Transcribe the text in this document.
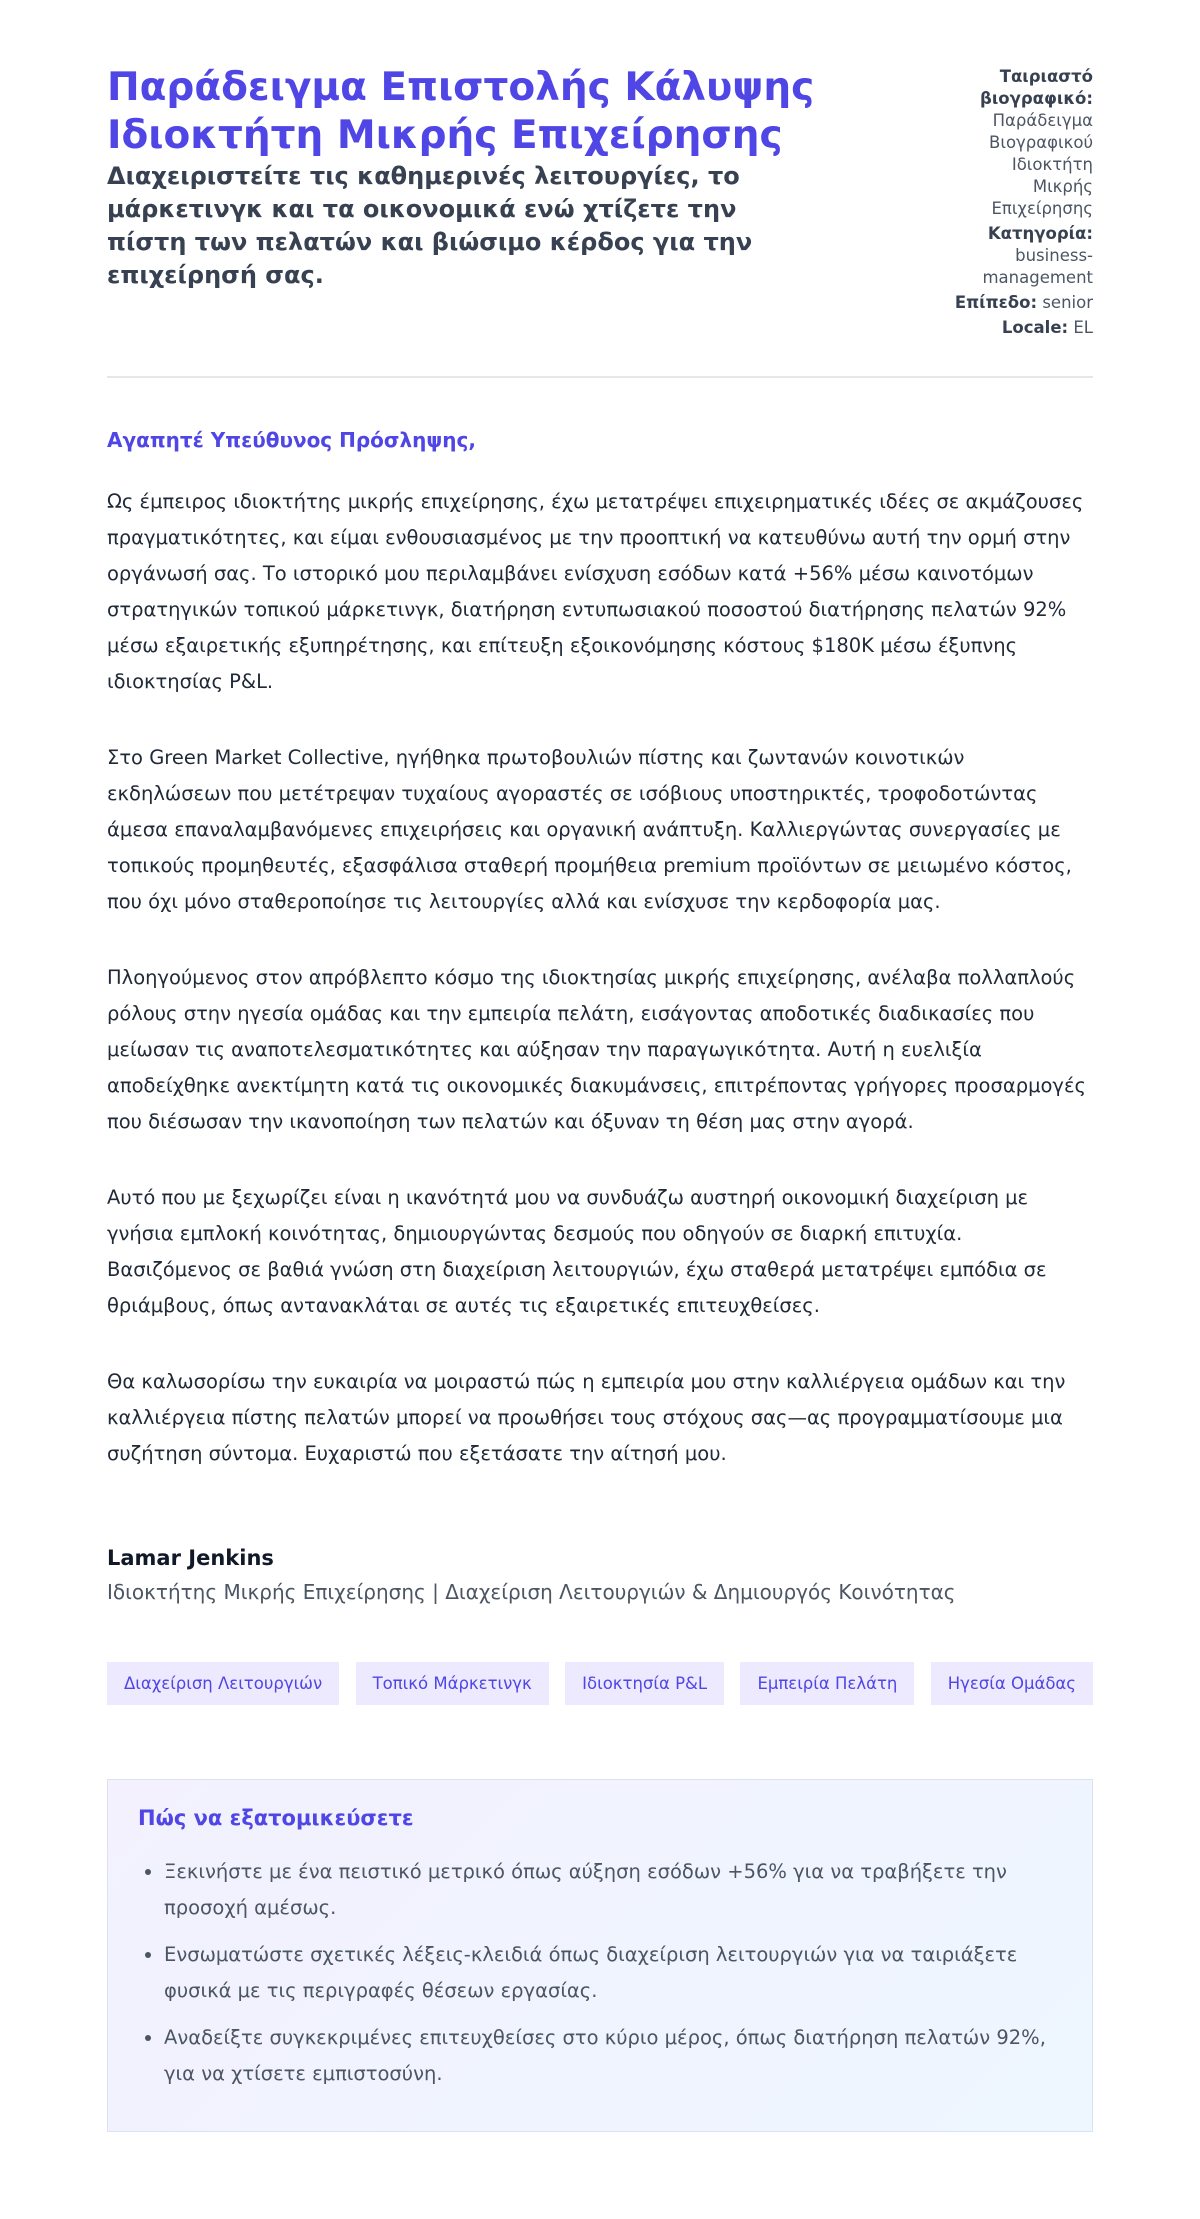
Παράδειγμα Επιστολής Κάλυψης Ιδιοκτήτη Μικρής Επιχείρησης

Διαχειριστείτε τις καθημερινές λειτουργίες, το μάρκετινγκ και τα οικονομικά ενώ χτίζετε την πίστη των πελατών και βιώσιμο κέρδος για την επιχείρησή σας.

Ταιριαστό βιογραφικό:
Παράδειγμα Βιογραφικού Ιδιοκτήτη Μικρής Επιχείρησης
Κατηγορία: business-management
Επίπεδο: senior
Locale: EL
Αγαπητέ Υπεύθυνος Πρόσληψης,

Ως έμπειρος ιδιοκτήτης μικρής επιχείρησης, έχω μετατρέψει επιχειρηματικές ιδέες σε ακμάζουσες πραγματικότητες, και είμαι ενθουσιασμένος με την προοπτική να κατευθύνω αυτή την ορμή στην οργάνωσή σας. Το ιστορικό μου περιλαμβάνει ενίσχυση εσόδων κατά +56% μέσω καινοτόμων στρατηγικών τοπικού μάρκετινγκ, διατήρηση εντυπωσιακού ποσοστού διατήρησης πελατών 92% μέσω εξαιρετικής εξυπηρέτησης, και επίτευξη εξοικονόμησης κόστους $180K μέσω έξυπνης ιδιοκτησίας P&L.

Στο Green Market Collective, ηγήθηκα πρωτοβουλιών πίστης και ζωντανών κοινοτικών εκδηλώσεων που μετέτρεψαν τυχαίους αγοραστές σε ισόβιους υποστηρικτές, τροφοδοτώντας άμεσα επαναλαμβανόμενες επιχειρήσεις και οργανική ανάπτυξη. Καλλιεργώντας συνεργασίες με τοπικούς προμηθευτές, εξασφάλισα σταθερή προμήθεια premium προϊόντων σε μειωμένο κόστος, που όχι μόνο σταθεροποίησε τις λειτουργίες αλλά και ενίσχυσε την κερδοφορία μας.

Πλοηγούμενος στον απρόβλεπτο κόσμο της ιδιοκτησίας μικρής επιχείρησης, ανέλαβα πολλαπλούς ρόλους στην ηγεσία ομάδας και την εμπειρία πελάτη, εισάγοντας αποδοτικές διαδικασίες που μείωσαν τις αναποτελεσματικότητες και αύξησαν την παραγωγικότητα. Αυτή η ευελιξία αποδείχθηκε ανεκτίμητη κατά τις οικονομικές διακυμάνσεις, επιτρέποντας γρήγορες προσαρμογές που διέσωσαν την ικανοποίηση των πελατών και όξυναν τη θέση μας στην αγορά.

Αυτό που με ξεχωρίζει είναι η ικανότητά μου να συνδυάζω αυστηρή οικονομική διαχείριση με γνήσια εμπλοκή κοινότητας, δημιουργώντας δεσμούς που οδηγούν σε διαρκή επιτυχία. Βασιζόμενος σε βαθιά γνώση στη διαχείριση λειτουργιών, έχω σταθερά μετατρέψει εμπόδια σε θριάμβους, όπως αντανακλάται σε αυτές τις εξαιρετικές επιτευχθείσες.

Θα καλωσορίσω την ευκαιρία να μοιραστώ πώς η εμπειρία μου στην καλλιέργεια ομάδων και την καλλιέργεια πίστης πελατών μπορεί να προωθήσει τους στόχους σας—ας προγραμματίσουμε μια συζήτηση σύντομα. Ευχαριστώ που εξετάσατε την αίτησή μου.

Lamar Jenkins

Ιδιοκτήτης Μικρής Επιχείρησης | Διαχείριση Λειτουργιών & Δημιουργός Κοινότητας

Διαχείριση Λειτουργιών	Τοπικό Μάρκετινγκ	Ιδιοκτησία P&L	Εμπειρία Πελάτη	Ηγεσία Ομάδας
Πώς να εξατομικεύσετε
• Ξεκινήστε με ένα πειστικό μετρικό όπως αύξηση εσόδων +56% για να τραβήξετε την προσοχή αμέσως.
• Ενσωματώστε σχετικές λέξεις-κλειδιά όπως διαχείριση λειτουργιών για να ταιριάξετε φυσικά με τις περιγραφές θέσεων εργασίας.
• Αναδείξτε συγκεκριμένες επιτευχθείσες στο κύριο μέρος, όπως διατήρηση πελατών 92%, για να χτίσετε εμπιστοσύνη.
